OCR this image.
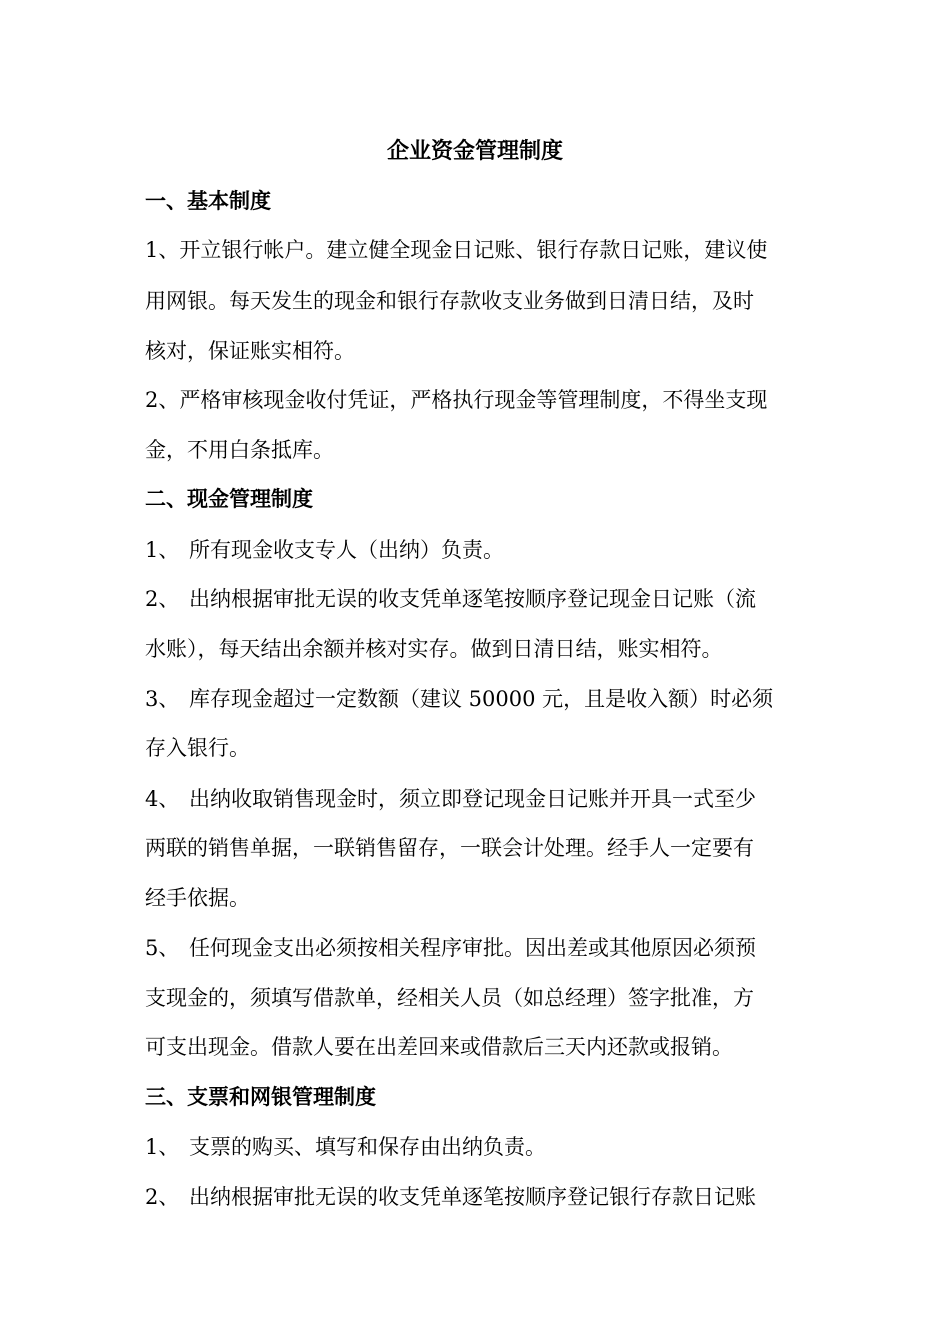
企业资金管理制度
一、基本制度
1、开立银行帐户。建立健全现金日记账、银行存款日记账，建议使
用网银。每天发生的现金和银行存款收支业务做到日清日结，及时
核对，保证账实相符。
2、严格审核现金收付凭证，严格执行现金等管理制度，不得坐支现
金，不用白条抵库。
二、现金管理制度
1、 所有现金收支专人（出纳）负责。
2、 出纳根据审批无误的收支凭单逐笔按顺序登记现金日记账（流
水账），每天结出余额并核对实存。做到日清日结，账实相符。
3、 库存现金超过一定数额（建议 50000 元，且是收入额）时必须
存入银行。
4、 出纳收取销售现金时，须立即登记现金日记账并开具一式至少
两联的销售单据，一联销售留存，一联会计处理。经手人一定要有
经手依据。
5、 任何现金支出必须按相关程序审批。因出差或其他原因必须预
支现金的，须填写借款单，经相关人员（如总经理）签字批准，方
可支出现金。借款人要在出差回来或借款后三天内还款或报销。
三、支票和网银管理制度
1、 支票的购买、填写和保存由出纳负责。
2、 出纳根据审批无误的收支凭单逐笔按顺序登记银行存款日记账
